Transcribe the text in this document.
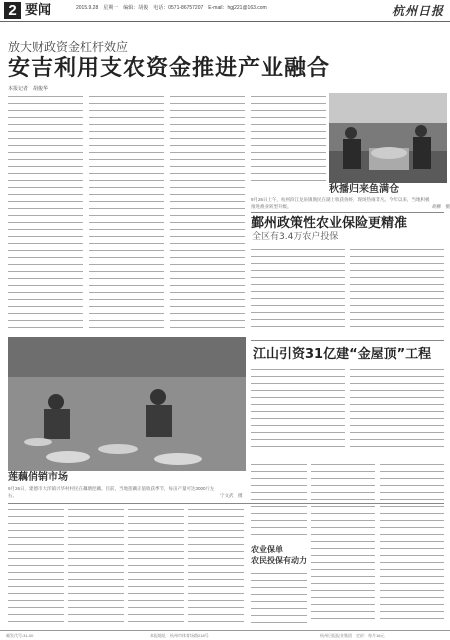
2 要闻	2015.9.28　星期一　编辑：胡俊　电话：0571-86757207　E-mail：hgj221@163.com	杭州日报
放大财政资金杠杆效应
安吉利用支农资金推进产业融合
本报记者　胡俊华
秋播归来鱼满仓
9月26日上午，杭州滨江龙泉镇渔民在湖上收获鱼虾，现场热闹非凡。今年以来，当地积极推进渔业转型升级。	胡柳　摄
鄞州政策性农业保险更精准
全区有3.4万农户投保
江山引资31亿建“金屋顶”工程
莲藕俏销市场
9月26日，建德市大洋镇兴华村村民在藕塘挖藕。目前，当地莲藕正值收获季节，每亩产量可达3000斤左右。	宁文武　摄
农业保单
农民投保有动力
邮发代号:31-00	本报地址：杭州市体育场路218号	杭州日报报业集团　定价：每月18元
